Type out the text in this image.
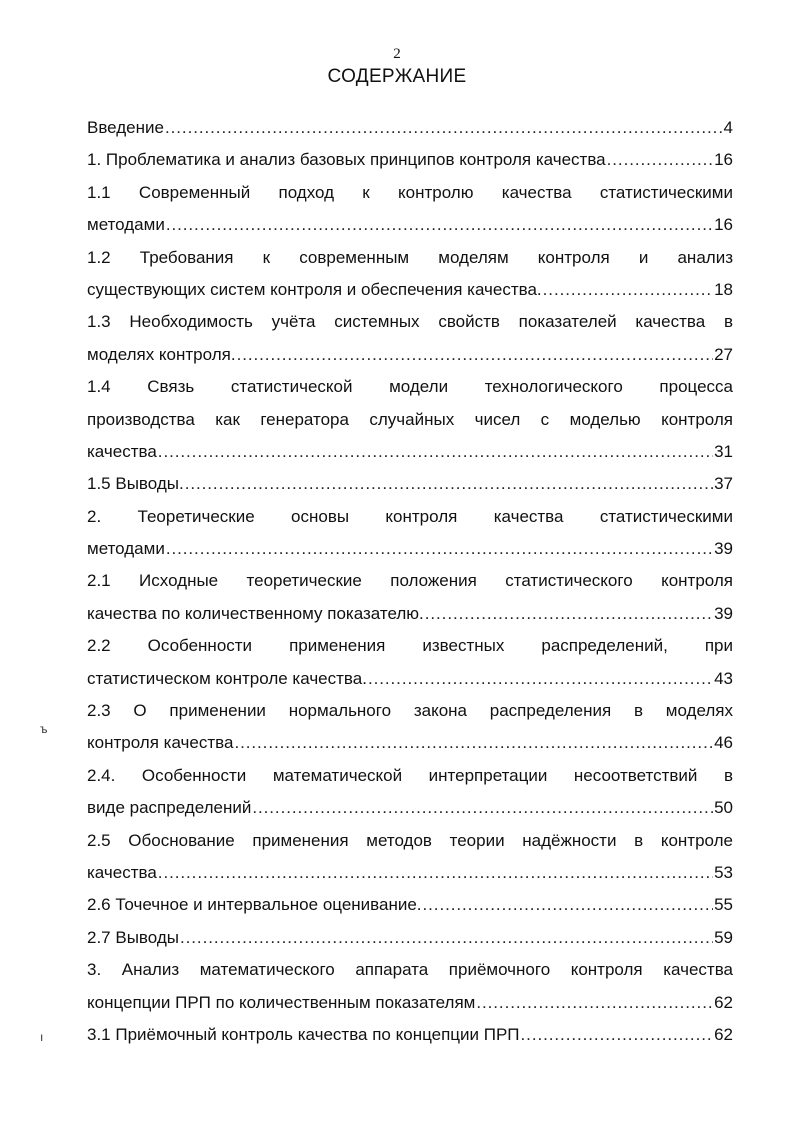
2
СОДЕРЖАНИЕ
Введение . . .	4
1. Проблематика и анализ базовых принципов контроля качества . . .	16
1.1 Современный подход к контролю качества статистическими
методами . . .	16
1.2 Требования к современным моделям контроля и анализ
существующих систем контроля и обеспечения качества. . . .	18
1.3 Необходимость учёта системных свойств показателей качества в
моделях контроля. . . .	27
1.4 Связь статистической модели технологического процесса
производства как генератора случайных чисел с моделью контроля
качества . . .	31
1.5 Выводы. . . .	37
2. Теоретические основы контроля качества статистическими
методами . . .	39
2.1 Исходные теоретические положения статистического контроля
качества по количественному показателю. . . .	39
2.2 Особенности применения известных распределений, при
статистическом контроле качества. . . .	43
2.3 О применении нормального закона распределения в моделях
контроля качества . . .	46
2.4. Особенности математической интерпретации несоответствий в
виде распределений . . .	50
2.5 Обоснование применения методов теории надёжности в контроле
качества . . .	53
2.6 Точечное и интервальное оценивание. . . .	55
2.7 Выводы . . .	59
3. Анализ математического аппарата приёмочного контроля качества
концепции ПРП по количественным показателям . . .	62
3.1 Приёмочный контроль качества по концепции ПРП . . .	62
ъ
ı
